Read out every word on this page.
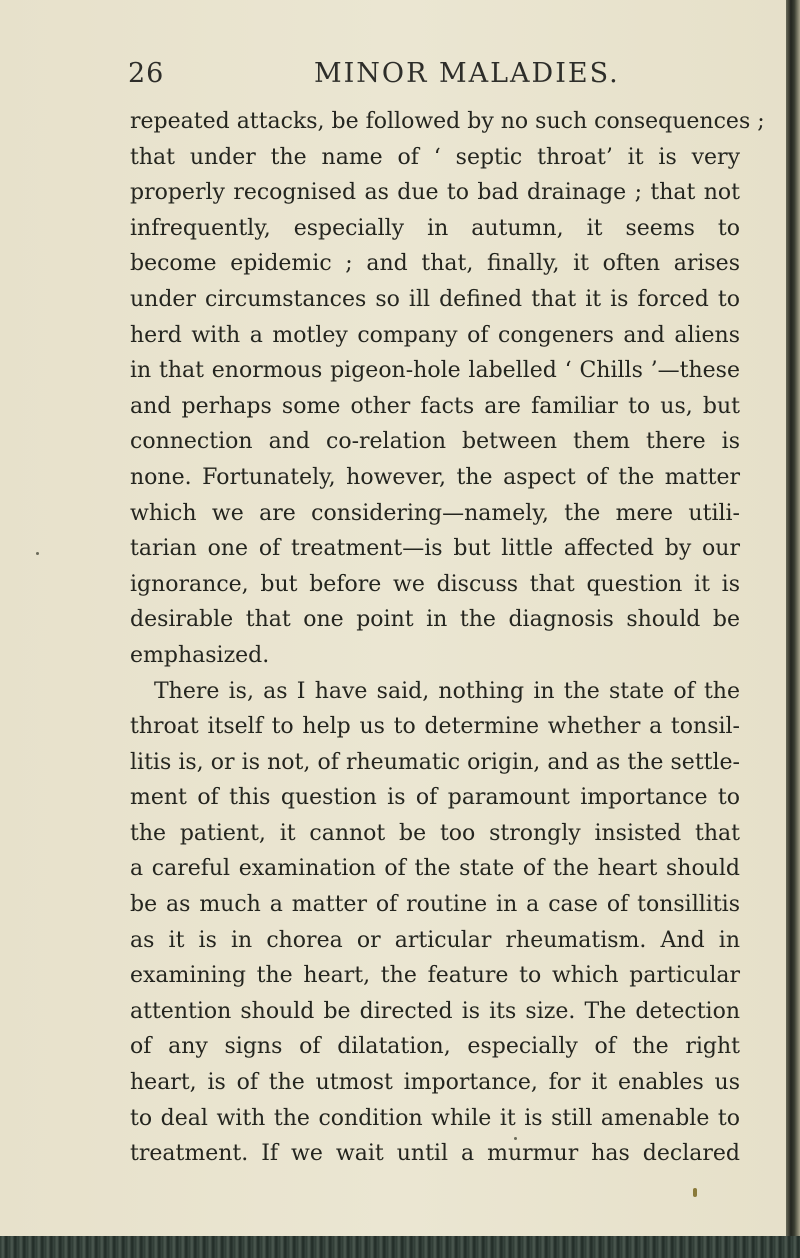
26	MINOR MALADIES.

repeated attacks, be followed by no such consequences ;

that under the name of ‘ septic throat’ it is very

properly recognised as due to bad drainage ; that not

infrequently, especially in autumn, it seems to

become epidemic ; and that, finally, it often arises

under circumstances so ill defined that it is forced to

herd with a motley company of congeners and aliens

in that enormous pigeon-hole labelled ‘ Chills ’—these

and perhaps some other facts are familiar to us, but

connection and co-relation between them there is

none. Fortunately, however, the aspect of the matter

which we are considering—namely, the mere utili-

tarian one of treatment—is but little affected by our

ignorance, but before we discuss that question it is

desirable that one point in the diagnosis should be

emphasized.

There is, as I have said, nothing in the state of the

throat itself to help us to determine whether a tonsil-

litis is, or is not, of rheumatic origin, and as the settle-

ment of this question is of paramount importance to

the patient, it cannot be too strongly insisted that

a careful examination of the state of the heart should

be as much a matter of routine in a case of tonsillitis

as it is in chorea or articular rheumatism. And in

examining the heart, the feature to which particular

attention should be directed is its size. The detection

of any signs of dilatation, especially of the right

heart, is of the utmost importance, for it enables us

to deal with the condition while it is still amenable to

treatment. If we wait until a murmur has declared
